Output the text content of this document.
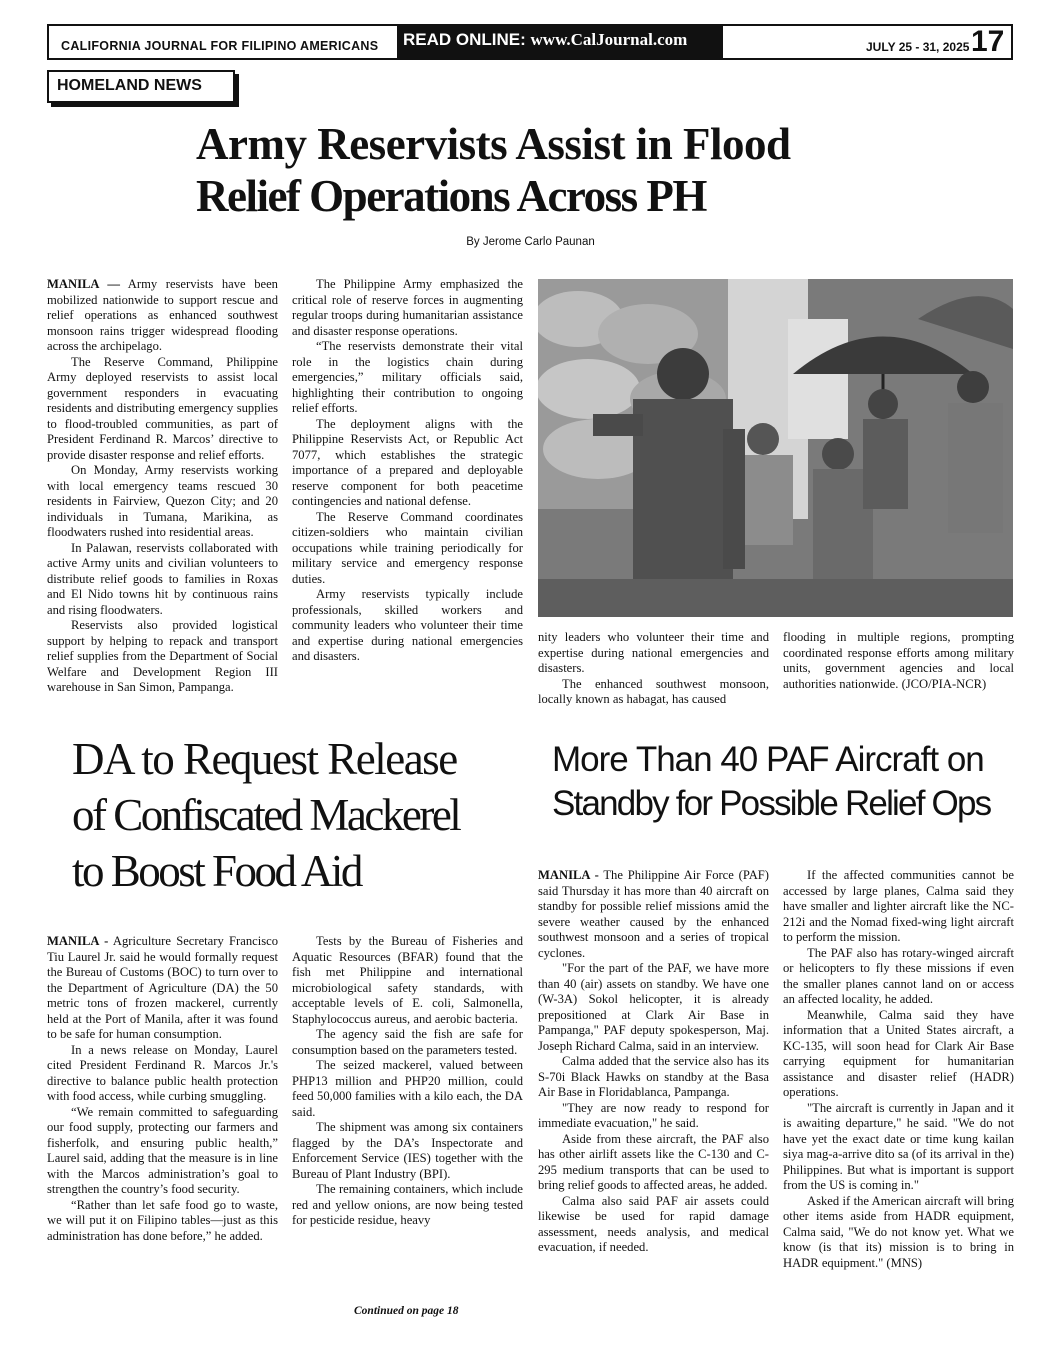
CALIFORNIA JOURNAL FOR FILIPINO AMERICANS	READ ONLINE: www.CalJournal.com	JULY 25 - 31, 2025 17
HOMELAND NEWS
Army Reservists Assist in Flood
Relief Operations Across PH
By Jerome Carlo Paunan

MANILA — Army reservists have been mobilized nationwide to support rescue and relief operations as enhanced southwest monsoon rains trigger widespread flooding across the archipelago.

The Reserve Command, Philippine Army deployed reservists to assist local government responders in evacuating residents and distributing emergency supplies to flood-troubled communities, as part of President Ferdinand R. Marcos’ directive to provide disaster response and relief efforts.

On Monday, Army reservists working with local emergency teams rescued 30 residents in Fairview, Quezon City; and 20 individuals in Tumana, Marikina, as floodwaters rushed into residential areas.

In Palawan, reservists collaborated with active Army units and civilian volunteers to distribute relief goods to families in Roxas and El Nido towns hit by continuous rains and rising floodwaters.

Reservists also provided logistical support by helping to repack and transport relief supplies from the Department of Social Welfare and Development Region III warehouse in San Simon, Pampanga.

The Philippine Army emphasized the critical role of reserve forces in augmenting regular troops during humanitarian assistance and disaster response operations.

“The reservists demonstrate their vital role in the logistics chain during emergencies,” military officials said, highlighting their contribution to ongoing relief efforts.

The deployment aligns with the Philippine Reservists Act, or Republic Act 7077, which establishes the strategic importance of a prepared and deployable reserve component for both peacetime contingencies and national defense.

The Reserve Command coordinates citizen-soldiers who maintain civilian occupations while training periodically for military service and emergency response duties.

Army reservists typically include professionals, skilled workers and community leaders who volunteer their time and expertise during national emergencies and disasters.

nity leaders who volunteer their time and expertise during national emergencies and disasters.

The enhanced southwest monsoon, locally known as habagat, has caused

flooding in multiple regions, prompting coordinated response efforts among military units, government agencies and local authorities nationwide. (JCO/PIA-NCR)

DA to Request Release
of Confiscated Mackerel
to Boost Food Aid

MANILA - Agriculture Secretary Francisco Tiu Laurel Jr. said he would formally request the Bureau of Customs (BOC) to turn over to the Department of Agriculture (DA) the 50 metric tons of frozen mackerel, currently held at the Port of Manila, after it was found to be safe for human consumption.

In a news release on Monday, Laurel cited President Ferdinand R. Marcos Jr.'s directive to balance public health protection with food access, while curbing smuggling.

“We remain committed to safeguarding our food supply, protecting our farmers and fisherfolk, and ensuring public health,” Laurel said, adding that the measure is in line with the Marcos administration’s goal to strengthen the country’s food security.

“Rather than let safe food go to waste, we will put it on Filipino tables—just as this administration has done before,” he added.

Tests by the Bureau of Fisheries and Aquatic Resources (BFAR) found that the fish met Philippine and international microbiological safety standards, with acceptable levels of E. coli, Salmonella, Staphylococcus aureus, and aerobic bacteria.

The agency said the fish are safe for consumption based on the parameters tested.

The seized mackerel, valued between PHP13 million and PHP20 million, could feed 50,000 families with a kilo each, the DA said.

The shipment was among six containers flagged by the DA’s Inspectorate and Enforcement Service (IES) together with the Bureau of Plant Industry (BPI).

The remaining containers, which include red and yellow onions, are now being tested for pesticide residue, heavy

Continued on page 18
More Than 40 PAF Aircraft on
Standby for Possible Relief Ops

MANILA - The Philippine Air Force (PAF) said Thursday it has more than 40 aircraft on standby for possible relief missions amid the severe weather caused by the enhanced southwest monsoon and a series of tropical cyclones.

"For the part of the PAF, we have more than 40 (air) assets on standby. We have one (W-3A) Sokol helicopter, it is already prepositioned at Clark Air Base in Pampanga," PAF deputy spokesperson, Maj. Joseph Richard Calma, said in an interview.

Calma added that the service also has its S-70i Black Hawks on standby at the Basa Air Base in Floridablanca, Pampanga.

"They are now ready to respond for immediate evacuation," he said.

Aside from these aircraft, the PAF also has other airlift assets like the C-130 and C-295 medium transports that can be used to bring relief goods to affected areas, he added.

Calma also said PAF air assets could likewise be used for rapid damage assessment, needs analysis, and medical evacuation, if needed.

If the affected communities cannot be accessed by large planes, Calma said they have smaller and lighter aircraft like the NC-212i and the Nomad fixed-wing light aircraft to perform the mission.

The PAF also has rotary-winged aircraft or helicopters to fly these missions if even the smaller planes cannot land on or access an affected locality, he added.

Meanwhile, Calma said they have information that a United States aircraft, a KC-135, will soon head for Clark Air Base carrying equipment for humanitarian assistance and disaster relief (HADR) operations.

"The aircraft is currently in Japan and it is awaiting departure," he said. "We do not have yet the exact date or time kung kailan siya mag-a-arrive dito sa (of its arrival in the) Philippines. But what is important is support from the US is coming in."

Asked if the American aircraft will bring other items aside from HADR equipment, Calma said, "We do not know yet. What we know (is that its) mission is to bring in HADR equipment." (MNS)
